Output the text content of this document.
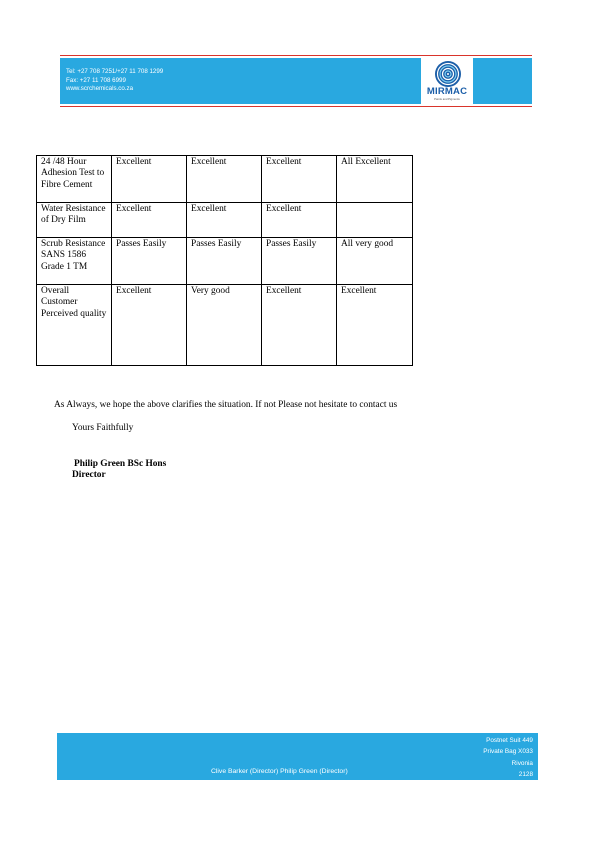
Tel: +27 708 7251/+27 11 708 1299
Fax: +27 11 708 6999
www.scrchemicals.co.za	MIRMAC
Paints and Pigments
24 /48 Hour Adhesion Test to Fibre Cement	Excellent	Excellent	Excellent	All Excellent
Water Resistance of Dry Film	Excellent	Excellent	Excellent	
Scrub Resistance SANS 1586 Grade 1 TM	Passes Easily	Passes Easily	Passes Easily	All very good
Overall Customer Perceived quality	Excellent	Very good	Excellent	Excellent
As Always, we hope the above clarifies the situation. If not Please not hesitate to contact us
Yours Faithfully
Philip Green BSc Hons
Director
Postnet Suit 449
Private Bag X033
Rivonia
2128
Clive Barker (Director) Philip Green (Director)
